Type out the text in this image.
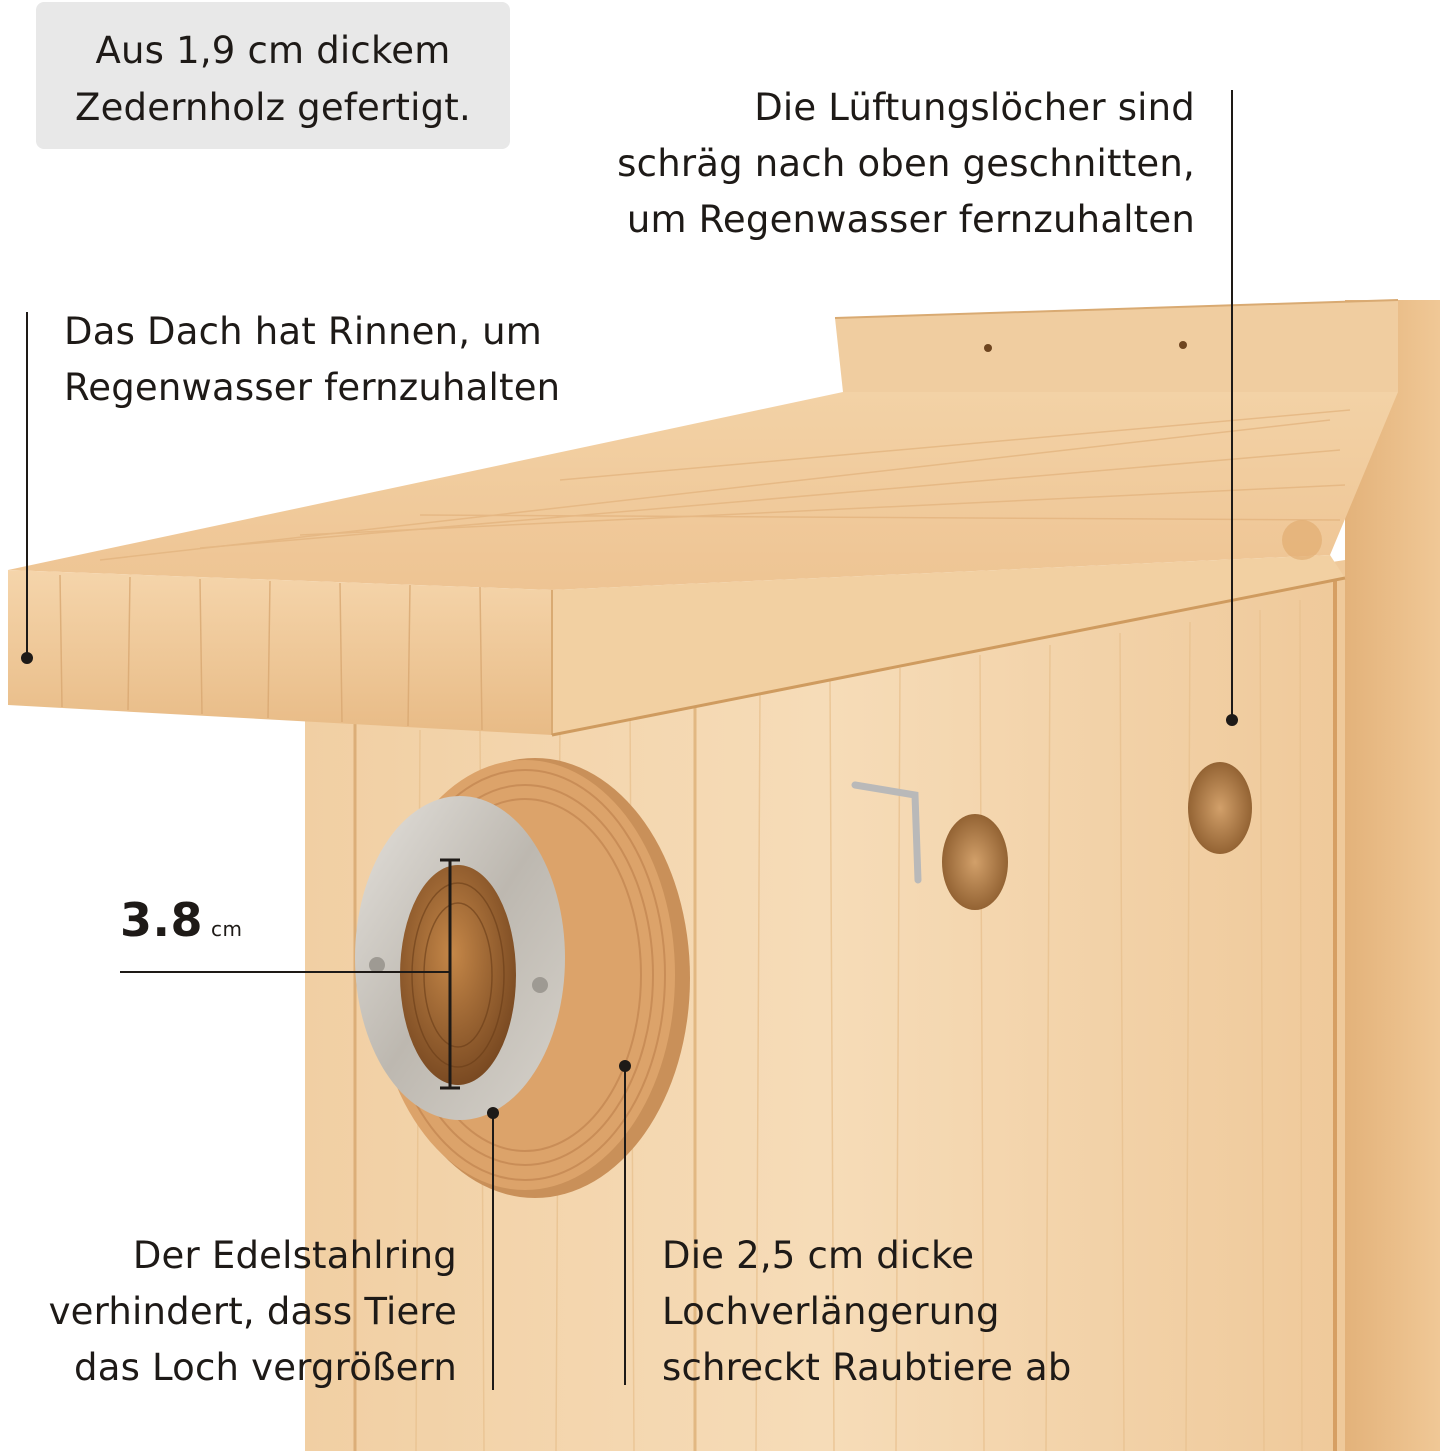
Aus 1,9 cm dickem
Zedernholz gefertigt.	Die Lüftungslöcher sind
schräg nach oben geschnitten,
um Regenwasser fernzuhalten

Das Dach hat Rinnen, um
Regenwasser fernzuhalten

3.8 cm

Der Edelstahlring
verhindert, dass Tiere
das Loch vergrößern

Die 2,5 cm dicke
Lochverlängerung
schreckt Raubtiere ab
